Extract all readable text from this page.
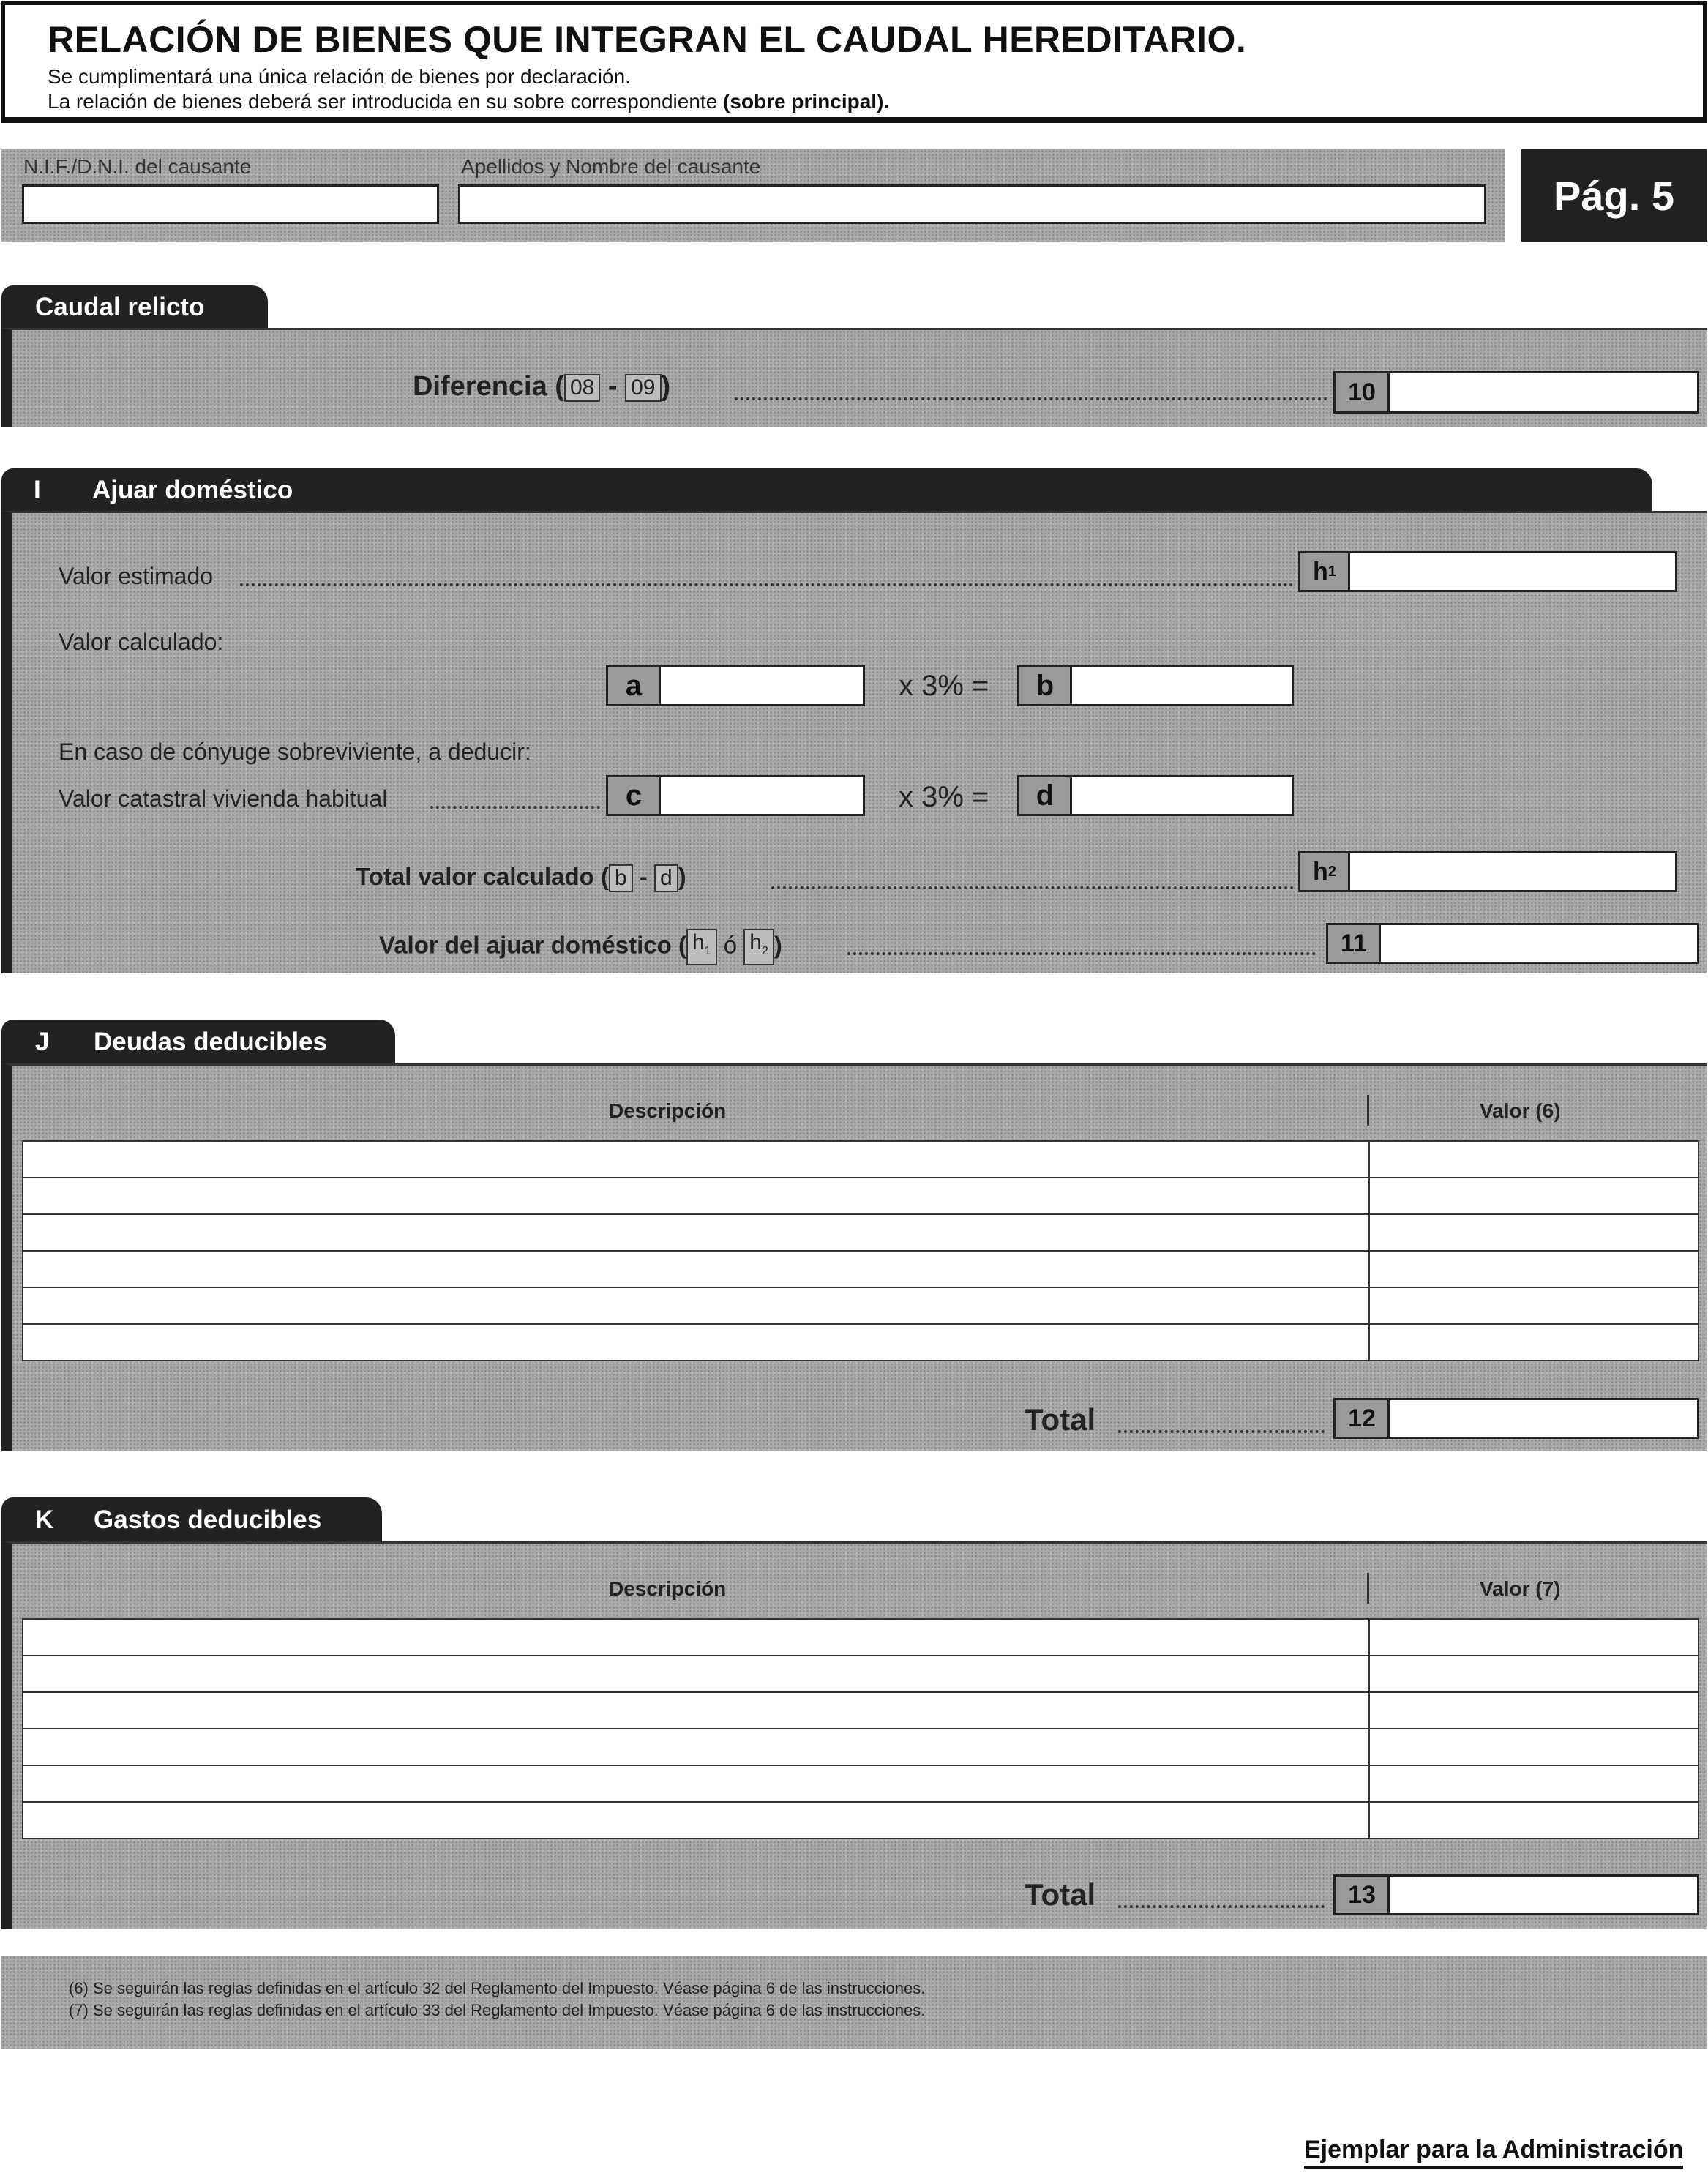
RELACIÓN DE BIENES QUE INTEGRAN EL CAUDAL HEREDITARIO.
Se cumplimentará una única relación de bienes por declaración.
La relación de bienes deberá ser introducida en su sobre correspondiente (sobre principal).
N.I.F./D.N.I. del causante	Apellidos y Nombre del causante
Pág. 5
Caudal relicto
Diferencia ( 08 - 09 )	10
I	Ajuar doméstico
Valor estimado	h 1
Valor calculado:
a	x 3% =	b
En caso de cónyuge sobreviviente, a deducir:
Valor catastral vivienda habitual	c	x 3% =	d
Total valor calculado ( b - d )	h 2
Valor del ajuar doméstico ( $h_1$ ó $h_2$ )	11
J	Deudas deducibles
Descripción	Valor (6)

Total	12
K	Gastos deducibles
Descripción	Valor (7)

Total	13
(6) Se seguirán las reglas definidas en el artículo 32 del Reglamento del Impuesto. Véase página 6 de las instrucciones.
(7) Se seguirán las reglas definidas en el artículo 33 del Reglamento del Impuesto. Véase página 6 de las instrucciones.
Ejemplar para la Administración
